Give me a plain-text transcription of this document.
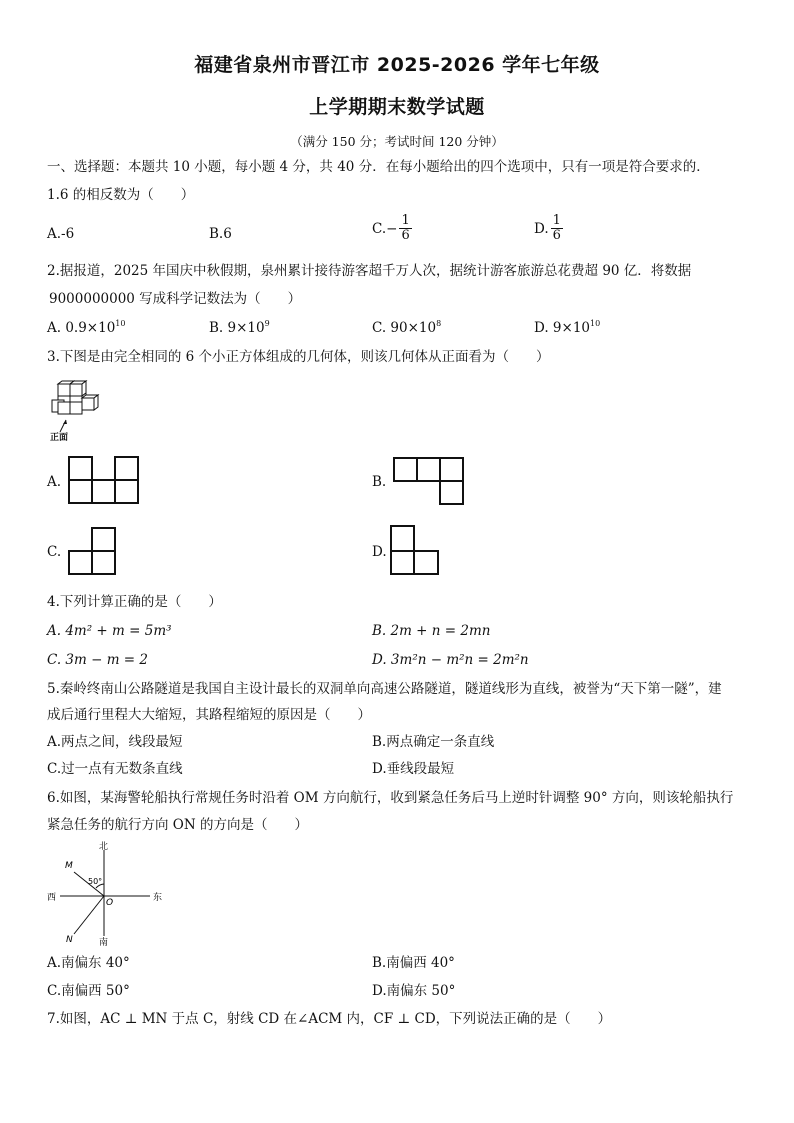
福建省泉州市晋江市 2025-2026 学年七年级
上学期期末数学试题
（满分 150 分；考试时间 120 分钟）
一、选择题：本题共 10 小题，每小题 4 分，共 40 分．在每小题给出的四个选项中，只有一项是符合要求的．
1.6 的相反数为（　　）
A.-6	B.6	$C.- \frac{1}{6}$	D. $\frac{1}{6}$
2.据报道，2025 年国庆中秋假期，泉州累计接待游客超千万人次，据统计游客旅游总花费超 90 亿．将数据
9000000000 写成科学记数法为（　　）
A. $0.9\times 10^{10}$	B. $9\times 10^9$	C. $90\times 10^8$	D. $9\times 10^{10}$
3.下图是由完全相同的 6 个小正方体组成的几何体，则该几何体从正面看为（　　）
正面
A.	B.
C.	D.
4.下列计算正确的是（　　）
A. 4m² + m = 5m³	B. 2m + n = 2mn
C. 3m − m = 2	D. 3m²n − m²n = 2m²n
5.秦岭终南山公路隧道是我国自主设计最长的双洞单向高速公路隧道，隧道线形为直线，被誉为“天下第一隧”，建
成后通行里程大大缩短，其路程缩短的原因是（　　）
A.两点之间，线段最短	B.两点确定一条直线
C.过一点有无数条直线	D.垂线段最短
6.如图，某海警轮船执行常规任务时沿着 OM 方向航行，收到紧急任务后马上逆时针调整 90° 方向，则该轮船执行
紧急任务的航行方向 ON 的方向是（　　）
北
南
西	东
50°
O
M
N
A.南偏东 40°	B.南偏西 40°
C.南偏西 50°	D.南偏东 50°
7.如图，AC ⊥ MN 于点 C，射线 CD 在∠ACM 内，CF ⊥ CD，下列说法正确的是（　　）
